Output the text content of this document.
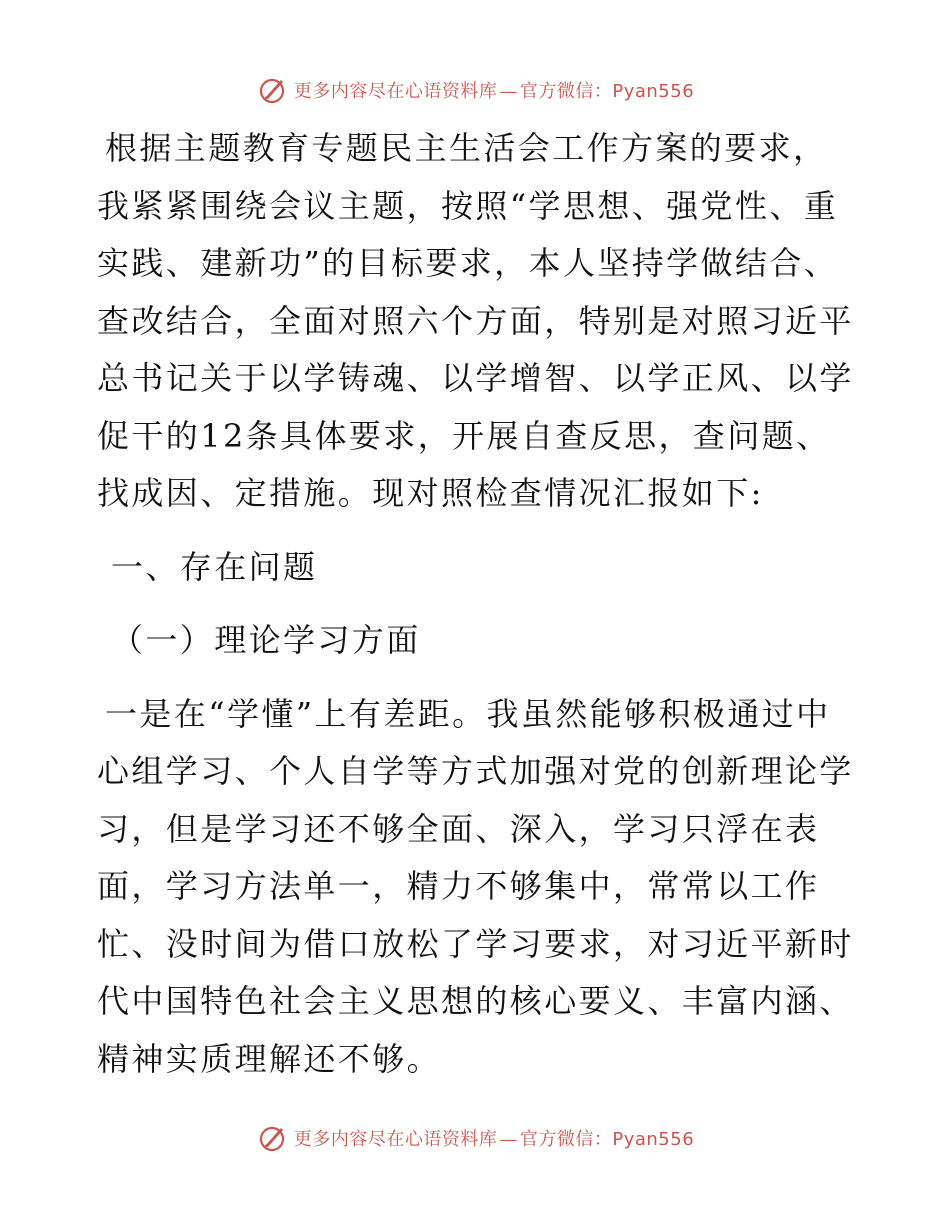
更多内容尽在心语资料库 — 官方微信：Pyan556

根据主题教育专题民主生活会工作方案的要求，我紧紧围绕会议主题，按照“学思想、强党性、重实践、建新功”的目标要求，本人坚持学做结合、查改结合，全面对照六个方面，特别是对照习近平总书记关于以学铸魂、以学增智、以学正风、以学促干的12条具体要求，开展自查反思，查问题、找成因、定措施。现对照检查情况汇报如下:

一、存在问题

（一）理论学习方面

一是在“学懂”上有差距。我虽然能够积极通过中心组学习、个人自学等方式加强对党的创新理论学习，但是学习还不够全面、深入，学习只浮在表面，学习方法单一，精力不够集中，常常以工作忙、没时间为借口放松了学习要求，对习近平新时代中国特色社会主义思想的核心要义、丰富内涵、精神实质理解还不够。

更多内容尽在心语资料库 — 官方微信：Pyan556
